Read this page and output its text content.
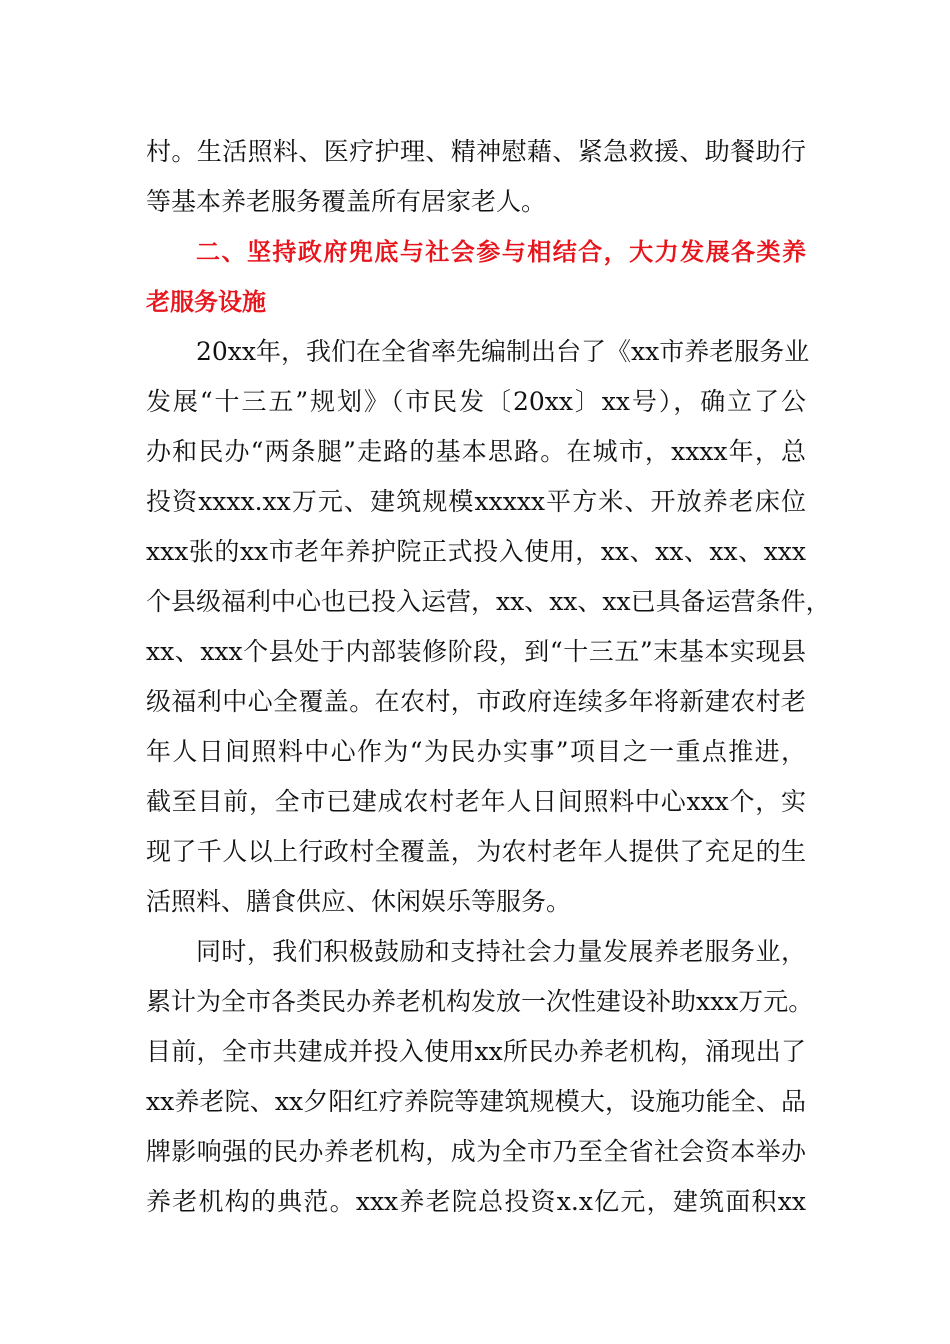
村。生活照料、医疗护理、精神慰藉、紧急救援、助餐助行
等基本养老服务覆盖所有居家老人。
二、坚持政府兜底与社会参与相结合，大力发展各类养
老服务设施
20xx年，我们在全省率先编制出台了《xx市养老服务业
发展“十三五”规划》（市民发〔20xx〕xx号），确立了公
办和民办“两条腿”走路的基本思路。在城市，xxxx年，总
投资xxxx.xx万元、建筑规模xxxxx平方米、开放养老床位
xxx张的xx市老年养护院正式投入使用，xx、xx、xx、xxx
个县级福利中心也已投入运营，xx、xx、xx已具备运营条件，
xx、xxx个县处于内部装修阶段，到“十三五”末基本实现县
级福利中心全覆盖。在农村，市政府连续多年将新建农村老
年人日间照料中心作为“为民办实事”项目之一重点推进，
截至目前，全市已建成农村老年人日间照料中心xxx个，实
现了千人以上行政村全覆盖，为农村老年人提供了充足的生
活照料、膳食供应、休闲娱乐等服务。
同时，我们积极鼓励和支持社会力量发展养老服务业，
累计为全市各类民办养老机构发放一次性建设补助xxx万元。
目前，全市共建成并投入使用xx所民办养老机构，涌现出了
xx养老院、xx夕阳红疗养院等建筑规模大，设施功能全、品
牌影响强的民办养老机构，成为全市乃至全省社会资本举办
养老机构的典范。xxx养老院总投资x.x亿元，建筑面积xx
